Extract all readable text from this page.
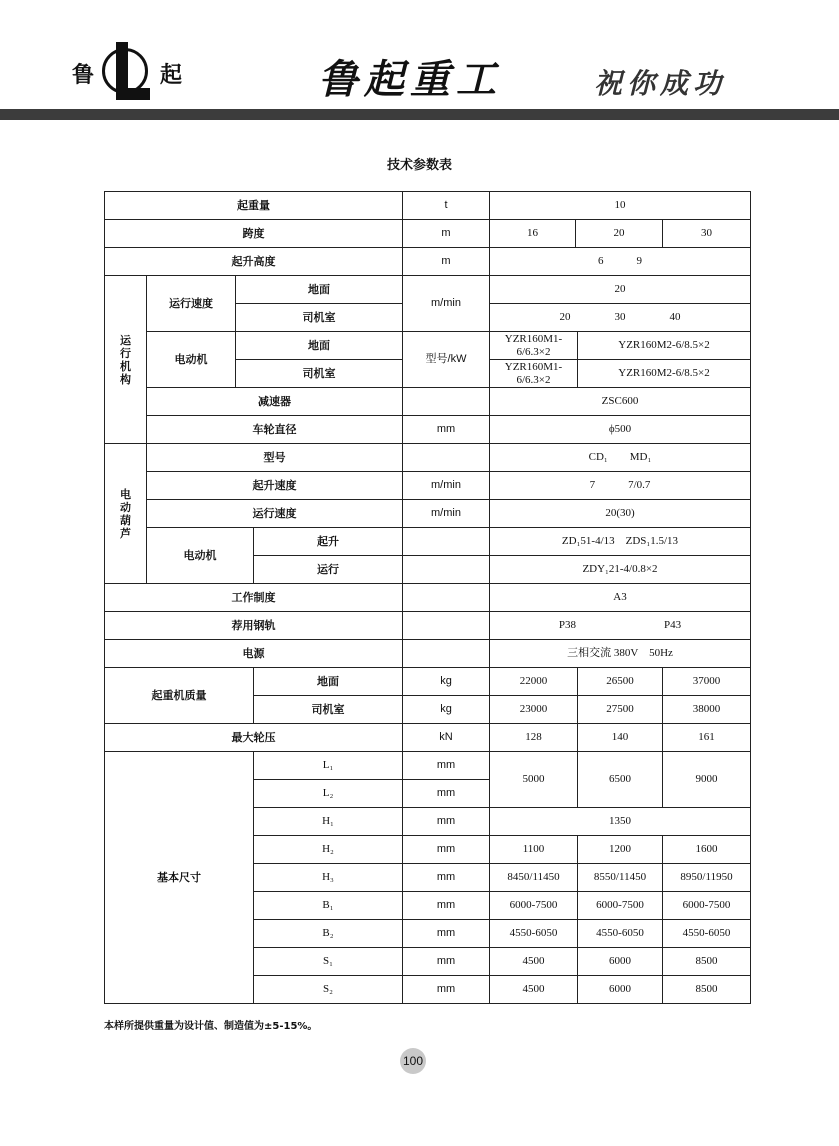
鲁	起	鲁起重工	祝你成功
技术参数表
起重量				t	10			
跨度				m	16	20		30
起升高度				m	6　　　9			

运
行
机
构	运行速度	地面		m/min	20			
		司机室			20　　　　30　　　　40			
	电动机	地面		型号/kW	YZR160M1-6/6.3×2		YZR160M2-6/8.5×2	
		司机室			YZR160M1-6/6.3×2		YZR160M2-6/8.5×2	
	减速器				ZSC600			
	车轮直径			mm	ϕ500			

电
动
葫
芦	型号				CD₁　　MD₁			
	起升速度			m/min	7　　　7/0.7			
	运行速度			m/min	20(30)			
	电动机		起升		ZD₁51-4/13　ZDS₁1.5/13			
			运行		ZDY₁21-4/0.8×2			
工作制度					A3			
荐用钢轨					P38　　　　　　　　P43			
电源					三相交流 380V　50Hz			
起重机质量			地面	kg	22000		26500	37000
			司机室	kg	23000		27500	38000
最大轮压				kN	128		140	161
基本尺寸			L₁	mm	5000		6500	9000
			L₂	mm				
			H₁	mm	1350			
			H₂	mm	1100		1200	1600
			H₃	mm	8450/11450		8550/11450	8950/11950
			B₁	mm	6000-7500		6000-7500	6000-7500
			B₂	mm	4550-6050		4550-6050	4550-6050
			S₁	mm	4500		6000	8500
			S₂	mm	4500		6000	8500
本样所提供重量为设计值、制造值为±5-15%。
100
